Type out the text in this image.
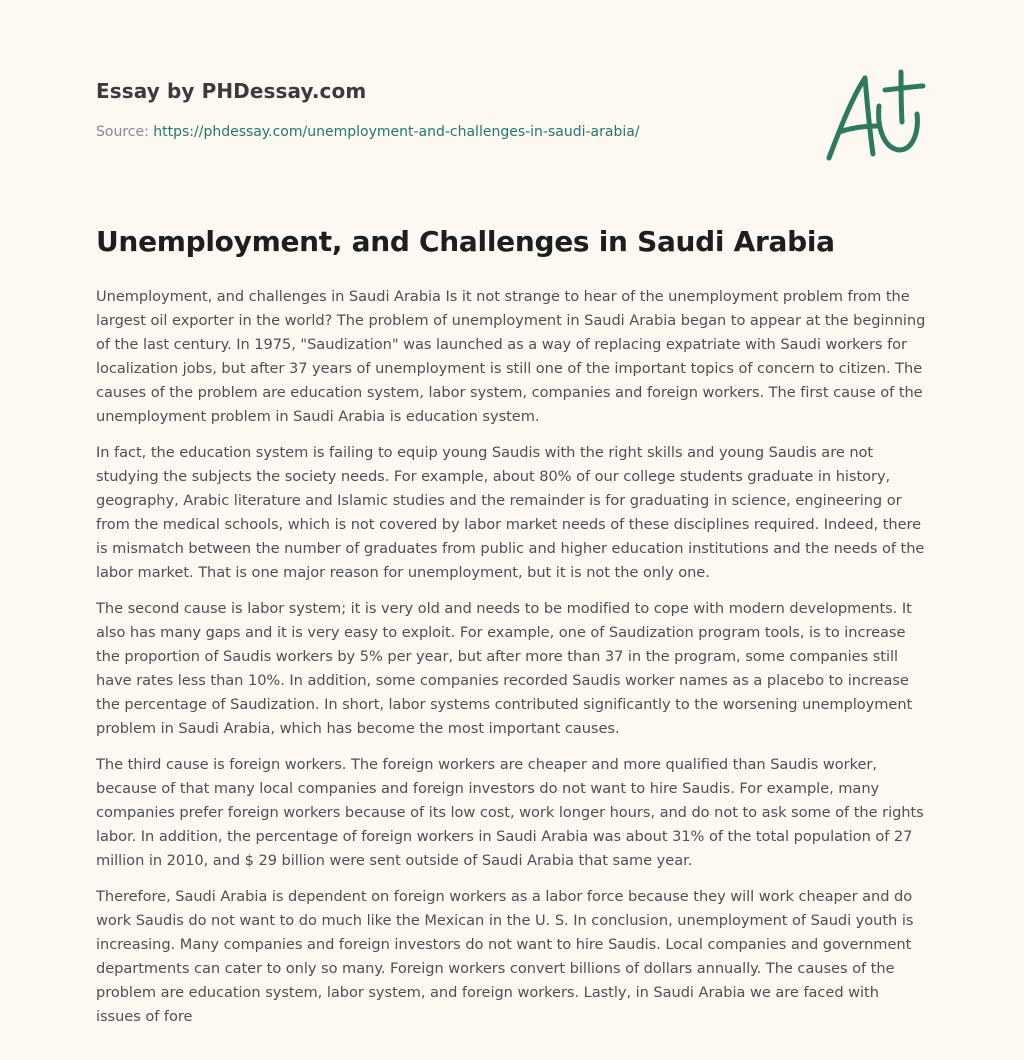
Essay by PHDessay.com
Source: https://phdessay.com/unemployment-and-challenges-in-saudi-arabia/
Unemployment, and Challenges in Saudi Arabia

Unemployment, and challenges in Saudi Arabia Is it not strange to hear of the unemployment problem from the largest oil exporter in the world? The problem of unemployment in Saudi Arabia began to appear at the beginning of the last century. In 1975, "Saudization" was launched as a way of replacing expatriate with Saudi workers for localization jobs, but after 37 years of unemployment is still one of the important topics of concern to citizen. The causes of the problem are education system, labor system, companies and foreign workers. The first cause of the unemployment problem in Saudi Arabia is education system.

In fact, the education system is failing to equip young Saudis with the right skills and young Saudis are not studying the subjects the society needs. For example, about 80% of our college students graduate in history, geography, Arabic literature and Islamic studies and the remainder is for graduating in science, engineering or from the medical schools, which is not covered by labor market needs of these disciplines required. Indeed, there is mismatch between the number of graduates from public and higher education institutions and the needs of the labor market. That is one major reason for unemployment, but it is not the only one.

The second cause is labor system; it is very old and needs to be modified to cope with modern developments. It also has many gaps and it is very easy to exploit. For example, one of Saudization program tools, is to increase the proportion of Saudis workers by 5% per year, but after more than 37 in the program, some companies still have rates less than 10%. In addition, some companies recorded Saudis worker names as a placebo to increase the percentage of Saudization. In short, labor systems contributed significantly to the worsening unemployment problem in Saudi Arabia, which has become the most important causes.

The third cause is foreign workers. The foreign workers are cheaper and more qualified than Saudis worker, because of that many local companies and foreign investors do not want to hire Saudis. For example, many companies prefer foreign workers because of its low cost, work longer hours, and do not to ask some of the rights labor. In addition, the percentage of foreign workers in Saudi Arabia was about 31% of the total population of 27 million in 2010, and $ 29 billion were sent outside of Saudi Arabia that same year.

Therefore, Saudi Arabia is dependent on foreign workers as a labor force because they will work cheaper and do work Saudis do not want to do much like the Mexican in the U. S. In conclusion, unemployment of Saudi youth is increasing. Many companies and foreign investors do not want to hire Saudis. Local companies and government departments can cater to only so many. Foreign workers convert billions of dollars annually. The causes of the problem are education system, labor system, and foreign workers. Lastly, in Saudi Arabia we are faced with issues of fore
